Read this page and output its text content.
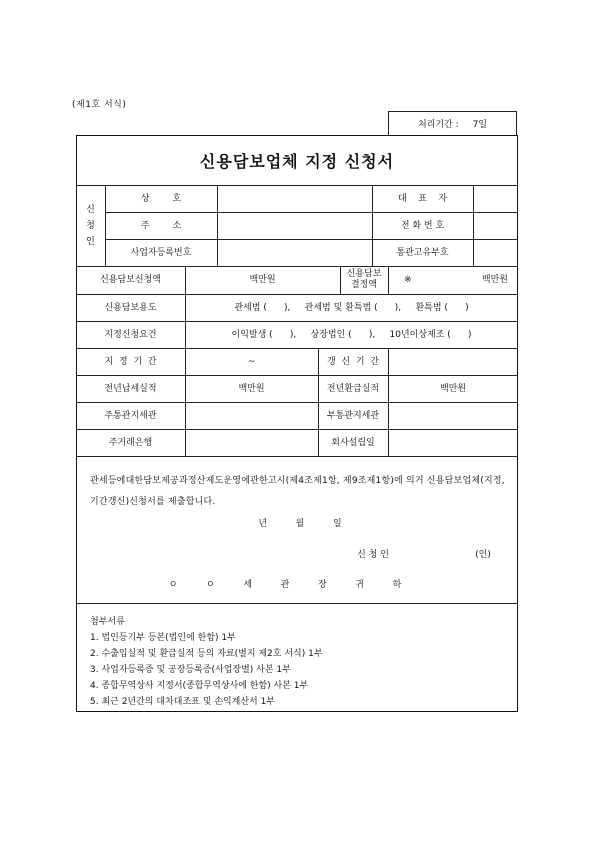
(제1호 서식)
처리기간 : 7일
신용담보업체 지정 신청서
신
청
인
상        호	대    표    자
주        소	전 화 번 호
사업자등록번호	통관고유부호
신용담보신청액	백만원
신용담보
결정액	※	백만원
신용담보용도	관세범 (      ),     관세범 및 환특범 (      ),     환특범 (      )
지정신청요건	이익발생 (      ),     상장법인 (      ),     10년이상제조 (      )
지  정  기  간	~	갱  신  기  간
전년납세실적	백만원	전년환급실적	백만원
주통관지세관	부통관지세관
주거래은행	회사설립일
관세등에대한담보제공과정산제도운영에관한고시(제4조제1항, 제9조제1항)에 의거 신용담보업체(지정, 기간갱신)신청서를 제출합니다.
년          월          일
신 청 인	(인)
ㅇ          ㅇ          세          관          장          귀          하
첨부서류
1. 법인등기부 등본(법인에 한함) 1부
2. 수출입실적 및 환급실적 등의 자료(별지 제2호 서식) 1부
3. 사업자등록증 및 공장등록증(사업장별) 사본 1부
4. 종합무역상사 지정서(종합무역상사에 한함) 사본 1부
5. 최근 2년간의 대차대조표 및 손익계산서 1부
